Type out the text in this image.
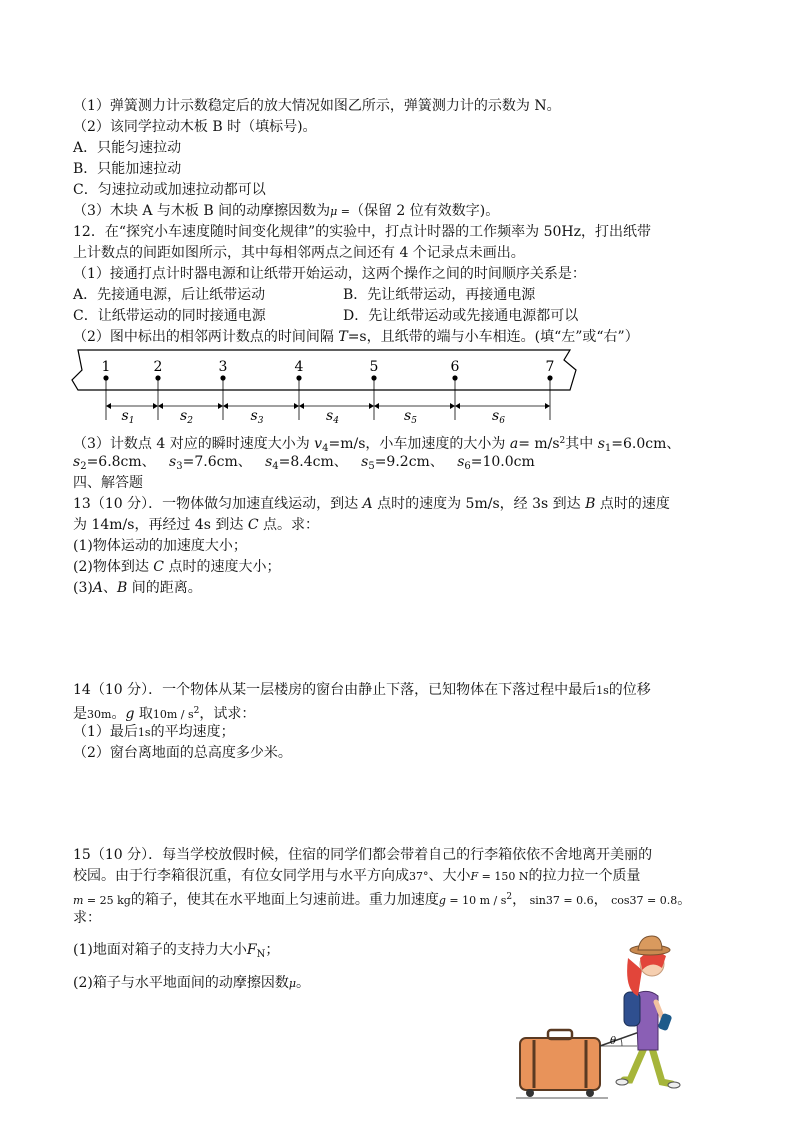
（1）弹簧测力计示数稳定后的放大情况如图乙所示，弹簧测力计的示数为 N。
（2）该同学拉动木板 B 时（填标号)。
A．只能匀速拉动
B．只能加速拉动
C．匀速拉动或加速拉动都可以
（3）木块 A 与木板 B 间的动摩擦因数为μ =（保留 2 位有效数字)。
12．在“探究小车速度随时间变化规律”的实验中，打点计时器的工作频率为 50Hz，打出纸带
上计数点的间距如图所示，其中每相邻两点之间还有 4 个记录点未画出。
（1）接通打点计时器电源和让纸带开始运动，这两个操作之间的时间顺序关系是：
A．先接通电源，后让纸带运动	B．先让纸带运动，再接通电源
C．让纸带运动的同时接通电源	D．先让纸带运动或先接通电源都可以
（2）图中标出的相邻两计数点的时间间隔 T=s，且纸带的端与小车相连。(填“左”或“右”）
1	2	3	4	5	6	7
$s_1$	$s_2$	$s_3$	$s_4$	$s_5$	$s_6$
（3）计数点 4 对应的瞬时速度大小为 $v_4=m/s$，小车加速度的大小为 $a= m/s^2$其中 $s_1=6.0cm$、
$s_2=6.8cm$、 $s_3=7.6cm$、 $s_4=8.4cm$、 $s_5=9.2cm$、 $s_6=10.0cm$
四、解答题
13（10 分）．一物体做匀加速直线运动，到达 A 点时的速度为 5m/s，经 3s 到达 B 点时的速度
为 14m/s，再经过 4s 到达 C 点。求：
(1)物体运动的加速度大小；
(2)物体到达 C 点时的速度大小；
(3)A、B 间的距离。
14（10 分）．一个物体从某一层楼房的窗台由静止下落，已知物体在下落过程中最后1s的位移
是30m。g 取$10m / s^2$，试求：
（1）最后1s的平均速度；
（2）窗台离地面的总高度多少米。
15（10 分）．每当学校放假时候，住宿的同学们都会带着自己的行李箱依依不舍地离开美丽的
校园。由于行李箱很沉重，有位女同学用与水平方向成37°、大小F = 150 N的拉力拉一个质量
m = 25 kg的箱子，使其在水平地面上匀速前进。重力加速度g = 10 m / $s^2$， sin37 = 0.6， cos37 = 0.8。
求：
(1)地面对箱子的支持力大小$F_N$；
(2)箱子与水平地面间的动摩擦因数μ。
θ
